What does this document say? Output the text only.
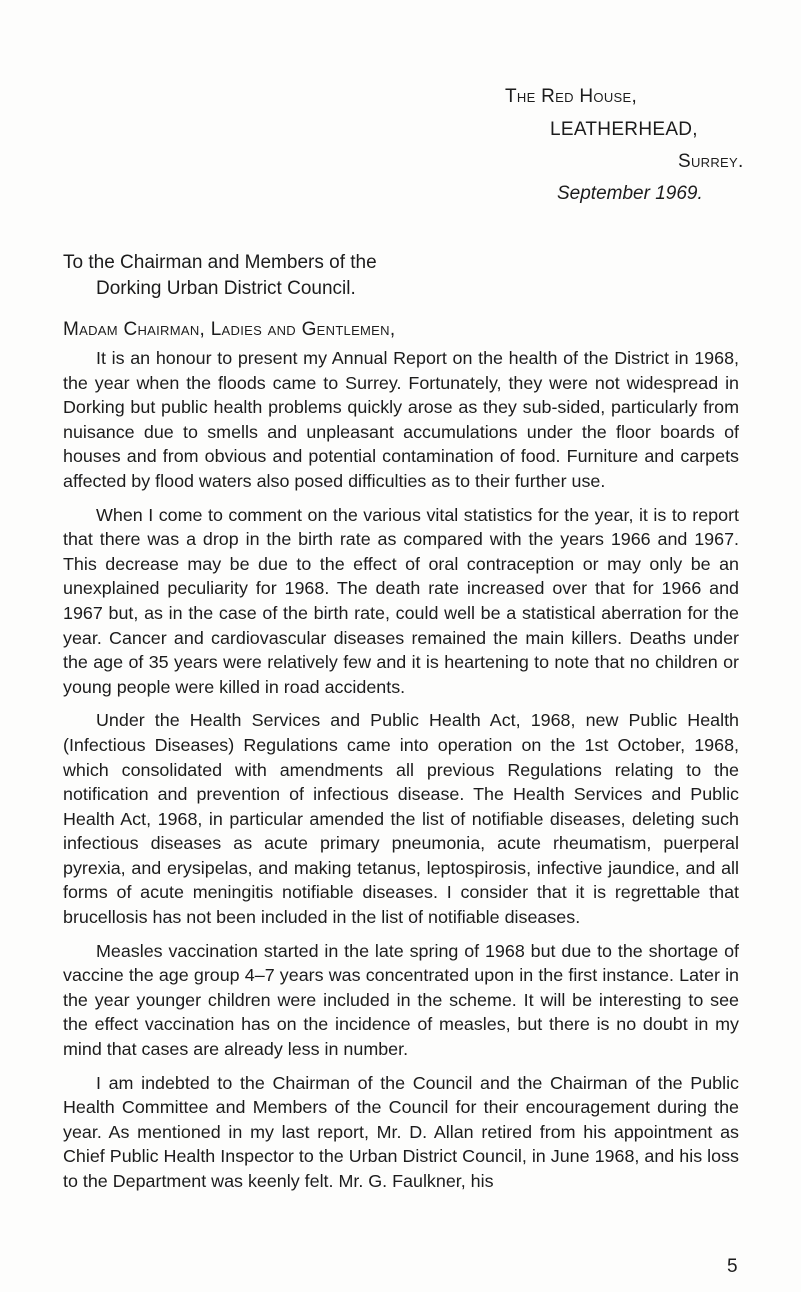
The Red House,
LEATHERHEAD,
Surrey.
September 1969.
To the Chairman and Members of the
Dorking Urban District Council.
Madam Chairman, Ladies and Gentlemen,

It is an honour to present my Annual Report on the health of the District in 1968, the year when the floods came to Surrey. Fortunately, they were not widespread in Dorking but public health problems quickly arose as they sub-sided, particularly from nuisance due to smells and unpleasant accumulations under the floor boards of houses and from obvious and potential contamination of food. Furniture and carpets affected by flood waters also posed difficulties as to their further use.

When I come to comment on the various vital statistics for the year, it is to report that there was a drop in the birth rate as compared with the years 1966 and 1967. This decrease may be due to the effect of oral contraception or may only be an unexplained peculiarity for 1968. The death rate increased over that for 1966 and 1967 but, as in the case of the birth rate, could well be a statistical aberration for the year. Cancer and cardiovascular diseases remained the main killers. Deaths under the age of 35 years were relatively few and it is heartening to note that no children or young people were killed in road accidents.

Under the Health Services and Public Health Act, 1968, new Public Health (Infectious Diseases) Regulations came into operation on the 1st October, 1968, which consolidated with amendments all previous Regulations relating to the notification and prevention of infectious disease. The Health Services and Public Health Act, 1968, in particular amended the list of notifiable diseases, deleting such infectious diseases as acute primary pneumonia, acute rheumatism, puerperal pyrexia, and erysipelas, and making tetanus, leptospirosis, infective jaundice, and all forms of acute meningitis notifiable diseases. I consider that it is regrettable that brucellosis has not been included in the list of notifiable diseases.

Measles vaccination started in the late spring of 1968 but due to the shortage of vaccine the age group 4–7 years was concentrated upon in the first instance. Later in the year younger children were included in the scheme. It will be interesting to see the effect vaccination has on the incidence of measles, but there is no doubt in my mind that cases are already less in number.

I am indebted to the Chairman of the Council and the Chairman of the Public Health Committee and Members of the Council for their encouragement during the year. As mentioned in my last report, Mr. D. Allan retired from his appointment as Chief Public Health Inspector to the Urban District Council, in June 1968, and his loss to the Department was keenly felt. Mr. G. Faulkner, his

5
